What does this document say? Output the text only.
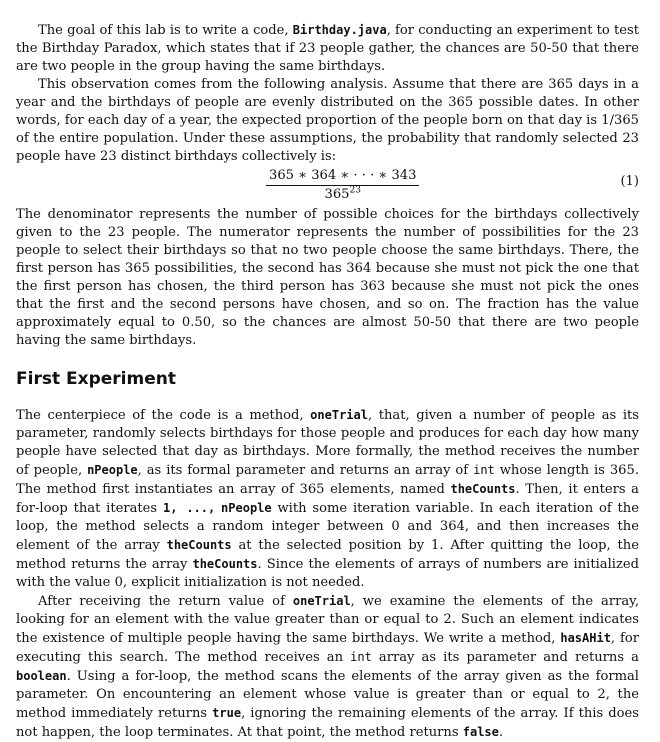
The goal of this lab is to write a code, Birthday.java, for conducting an experiment to test the Birthday Paradox, which states that if 23 people gather, the chances are 50-50 that there are two people in the group having the same birthdays.

This observation comes from the following analysis. Assume that there are 365 days in a year and the birthdays of people are evenly distributed on the 365 possible dates. In other words, for each day of a year, the expected proportion of the people born on that day is 1/365 of the entire population. Under these assumptions, the probability that randomly selected 23 people have 23 distinct birthdays collectively is:

$\frac{365 ∗ 364 ∗ \cdot \cdot \cdot ∗ 343}{365^{23}}$	(1)

The denominator represents the number of possible choices for the birthdays collectively given to the 23 people. The numerator represents the number of possibilities for the 23 people to select their birthdays so that no two people choose the same birthdays. There, the first person has 365 possibilities, the second has 364 because she must not pick the one that the first person has chosen, the third person has 363 because she must not pick the ones that the first and the second persons have chosen, and so on. The fraction has the value approximately equal to 0.50, so the chances are almost 50-50 that there are two people having the same birthdays.

First Experiment

The centerpiece of the code is a method, oneTrial, that, given a number of people as its parameter, randomly selects birthdays for those people and produces for each day how many people have selected that day as birthdays. More formally, the method receives the number of people, nPeople, as its formal parameter and returns an array of int whose length is 365. The method first instantiates an array of 365 elements, named theCounts. Then, it enters a for-loop that iterates 1, ..., nPeople with some iteration variable. In each iteration of the loop, the method selects a random integer between 0 and 364, and then increases the element of the array theCounts at the selected position by 1. After quitting the loop, the method returns the array theCounts. Since the elements of arrays of numbers are initialized with the value 0, explicit initialization is not needed.

After receiving the return value of oneTrial, we examine the elements of the array, looking for an element with the value greater than or equal to 2. Such an element indicates the existence of multiple people having the same birthdays. We write a method, hasAHit, for executing this search. The method receives an int array as its parameter and returns a boolean. Using a for-loop, the method scans the elements of the array given as the formal parameter. On encountering an element whose value is greater than or equal to 2, the method immediately returns true, ignoring the remaining elements of the array. If this does not happen, the loop terminates. At that point, the method returns false.
